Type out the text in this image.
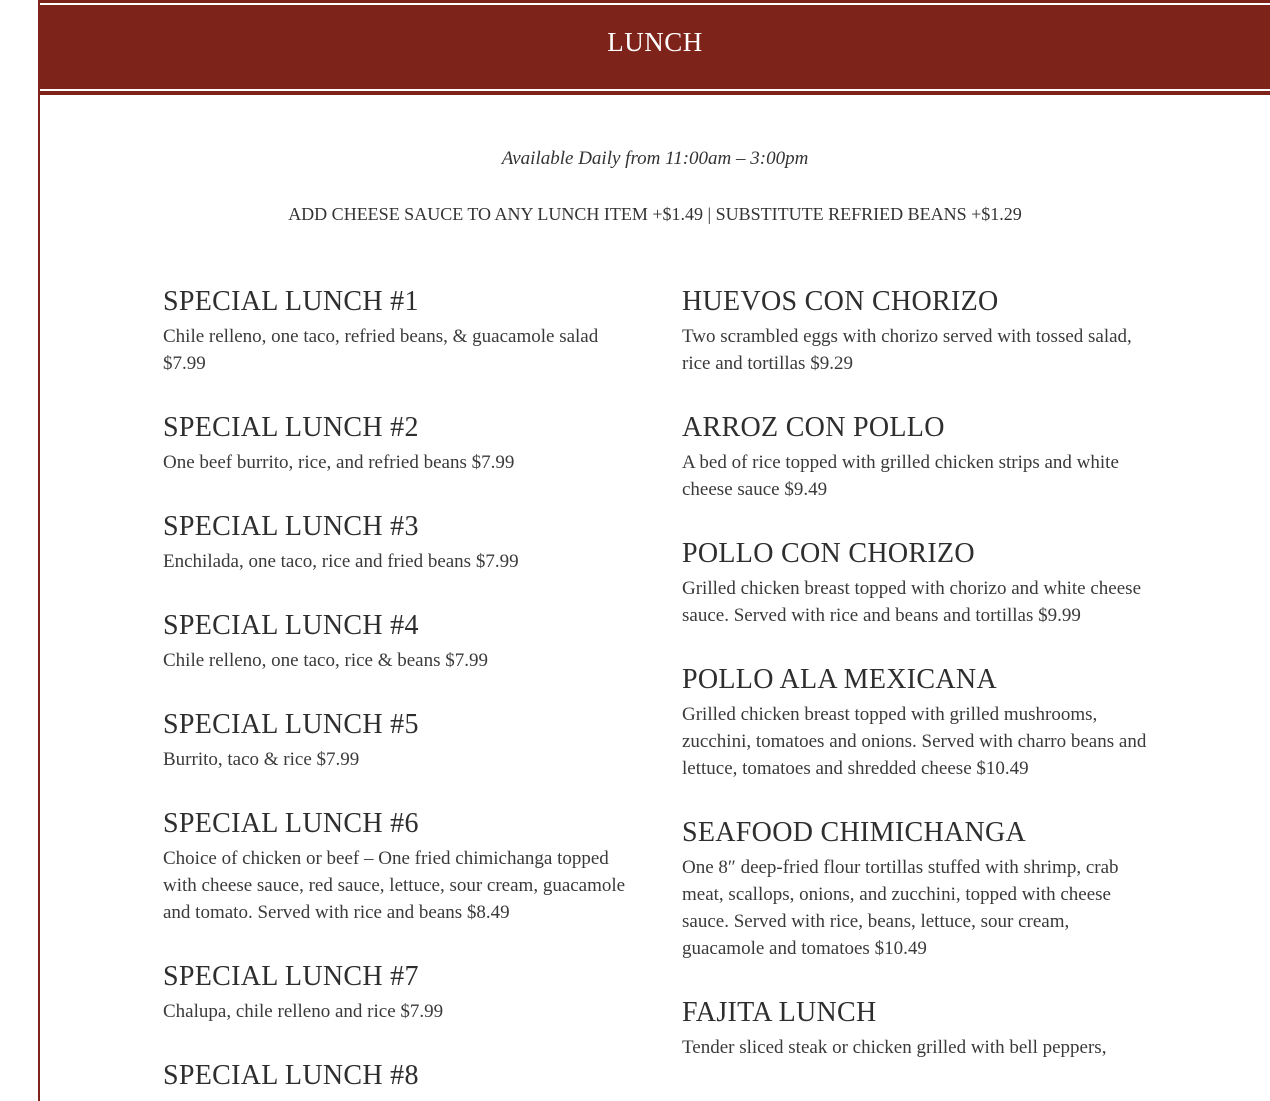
LUNCH
Available Daily from 11:00am – 3:00pm
ADD CHEESE SAUCE TO ANY LUNCH ITEM +$1.49 | SUBSTITUTE REFRIED BEANS +$1.29
SPECIAL LUNCH #1

Chile relleno, one taco, refried beans, & guacamole salad $7.99

SPECIAL LUNCH #2

One beef burrito, rice, and refried beans $7.99

SPECIAL LUNCH #3

Enchilada, one taco, rice and fried beans $7.99

SPECIAL LUNCH #4

Chile relleno, one taco, rice & beans $7.99

SPECIAL LUNCH #5

Burrito, taco & rice $7.99

SPECIAL LUNCH #6

Choice of chicken or beef – One fried chimichanga topped with cheese sauce, red sauce, lettuce, sour cream, guacamole and tomato. Served with rice and beans $8.49

SPECIAL LUNCH #7

Chalupa, chile relleno and rice $7.99

SPECIAL LUNCH #8

HUEVOS CON CHORIZO

Two scrambled eggs with chorizo served with tossed salad, rice and tortillas $9.29

ARROZ CON POLLO

A bed of rice topped with grilled chicken strips and white cheese sauce $9.49

POLLO CON CHORIZO

Grilled chicken breast topped with chorizo and white cheese sauce. Served with rice and beans and tortillas $9.99

POLLO ALA MEXICANA

Grilled chicken breast topped with grilled mushrooms, zucchini, tomatoes and onions. Served with charro beans and lettuce, tomatoes and shredded cheese $10.49

SEAFOOD CHIMICHANGA

One 8″ deep-fried flour tortillas stuffed with shrimp, crab meat, scallops, onions, and zucchini, topped with cheese sauce. Served with rice, beans, lettuce, sour cream, guacamole and tomatoes $10.49

FAJITA LUNCH

Tender sliced steak or chicken grilled with bell peppers,
